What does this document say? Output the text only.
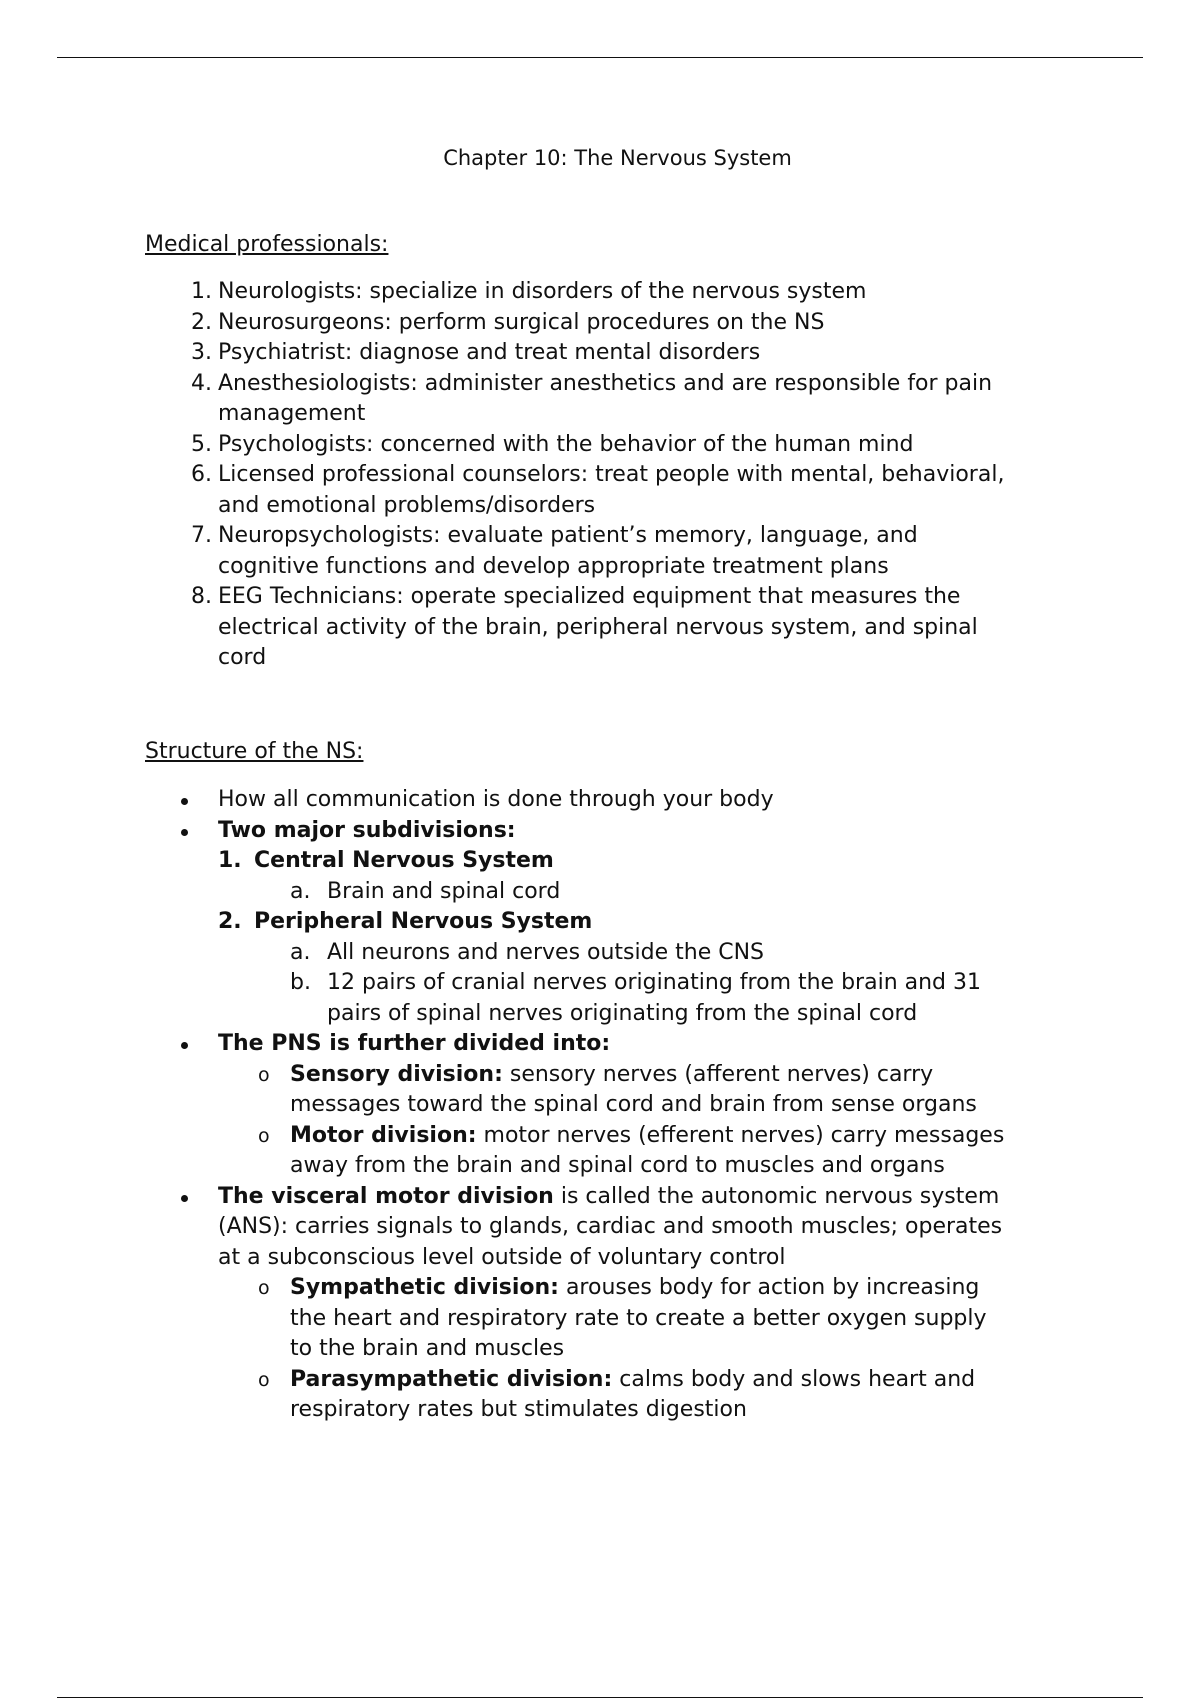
Chapter 10: The Nervous System
Medical professionals:
1. Neurologists: specialize in disorders of the nervous system
2. Neurosurgeons: perform surgical procedures on the NS
3. Psychiatrist: diagnose and treat mental disorders
4. Anesthesiologists: administer anesthetics and are responsible for pain
management
5. Psychologists: concerned with the behavior of the human mind
6. Licensed professional counselors: treat people with mental, behavioral,
and emotional problems/disorders
7. Neuropsychologists: evaluate patient’s memory, language, and
cognitive functions and develop appropriate treatment plans
8. EEG Technicians: operate specialized equipment that measures the
electrical activity of the brain, peripheral nervous system, and spinal
cord
Structure of the NS:
How all communication is done through your body
Two major subdivisions:
1. Central Nervous System
a. Brain and spinal cord
2. Peripheral Nervous System
a. All neurons and nerves outside the CNS
b. 12 pairs of cranial nerves originating from the brain and 31
pairs of spinal nerves originating from the spinal cord
The PNS is further divided into:
o Sensory division: sensory nerves (afferent nerves) carry
messages toward the spinal cord and brain from sense organs
o Motor division: motor nerves (efferent nerves) carry messages
away from the brain and spinal cord to muscles and organs
The visceral motor division is called the autonomic nervous system
(ANS): carries signals to glands, cardiac and smooth muscles; operates
at a subconscious level outside of voluntary control
o Sympathetic division: arouses body for action by increasing
the heart and respiratory rate to create a better oxygen supply
to the brain and muscles
o Parasympathetic division: calms body and slows heart and
respiratory rates but stimulates digestion
